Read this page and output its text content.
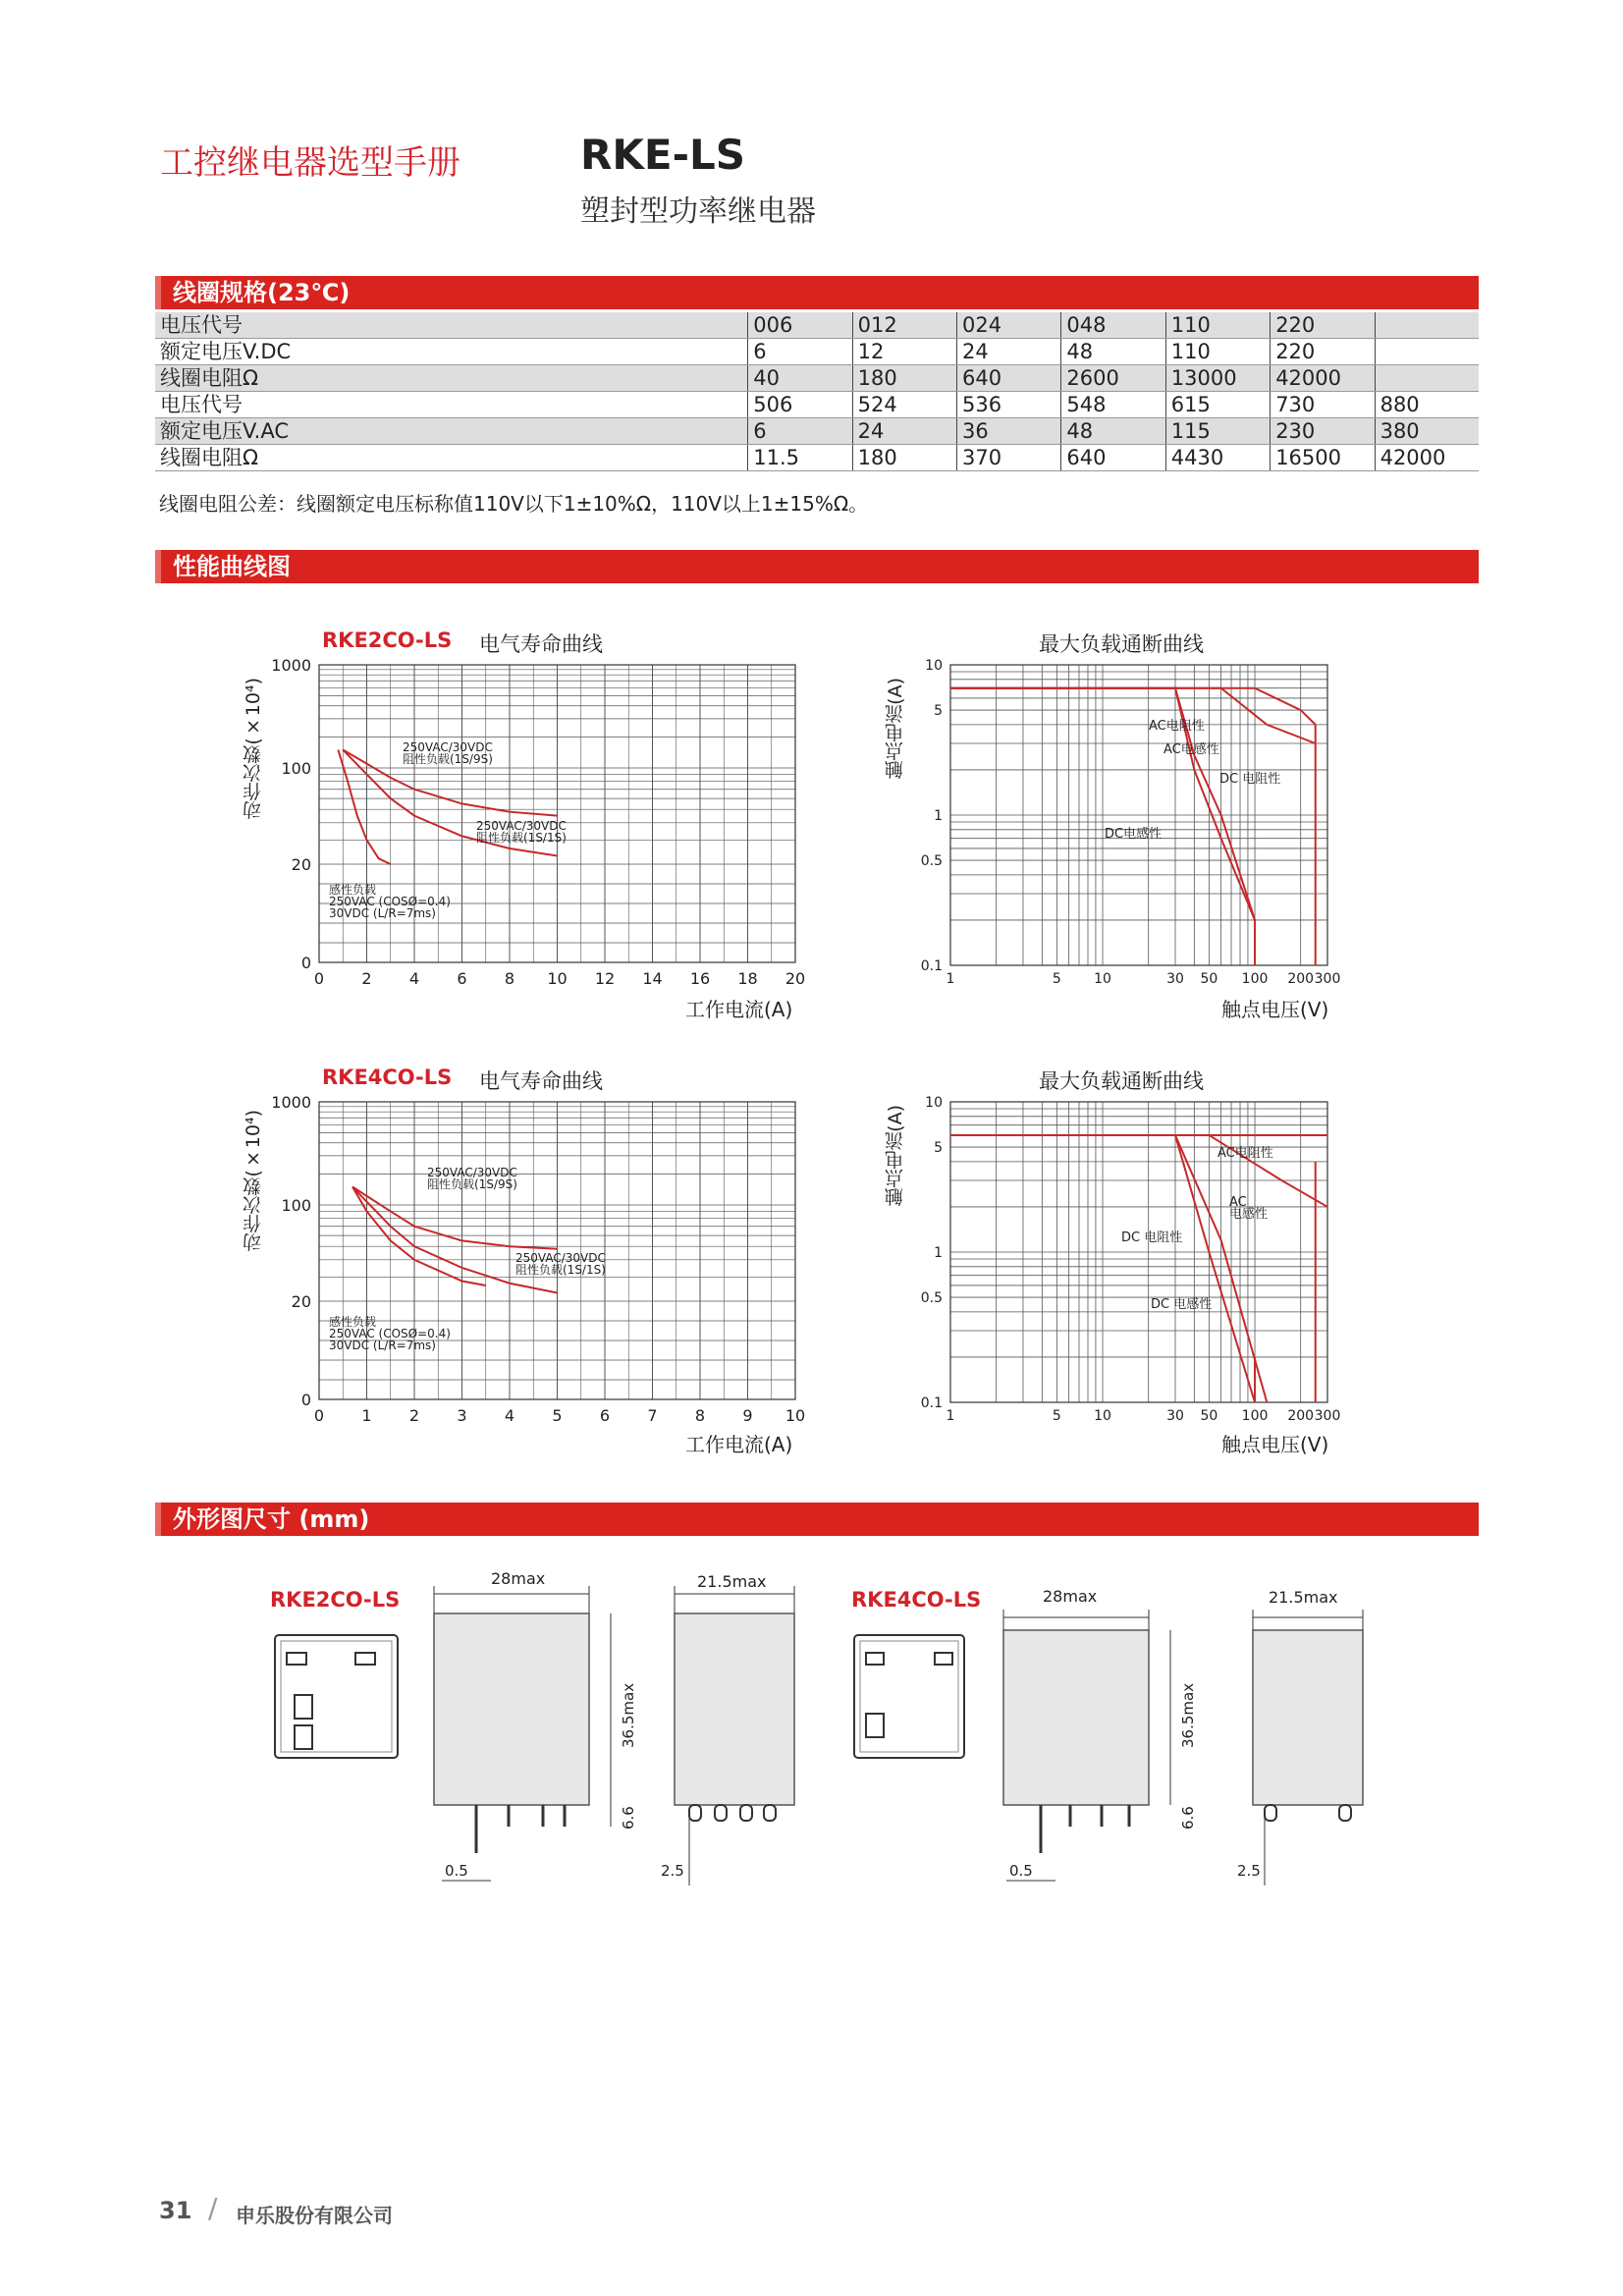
工控继电器选型手册	RKE-LS
塑封型功率继电器
线圈规格(23℃)
电压代号	006	012	024	048	110	220	
额定电压V.DC	6	12	24	48	110	220	
线圈电阻Ω	40	180	640	2600	13000	42000	
电压代号	506	524	536	548	615	730	880
额定电压V.AC	6	24	36	48	115	230	380
线圈电阻Ω	11.5	180	370	640	4430	16500	42000
线圈电阻公差：线圈额定电压标称值110V以下1±10%Ω，110V以上1±15%Ω。
性能曲线图
RKE2CO-LS 电气寿命曲线	最大负载通断曲线
RKE4CO-LS 电气寿命曲线	最大负载通断曲线
动作次数(×10⁴)	触点电流(A)
动作次数(×10⁴)	触点电流(A)
工作电流(A)	触点电压(V)
工作电流(A)	触点电压(V)
1000
100
20
0
0 2 4 6 8 10 12 14 16 18 20
250VAC/30VDC
阻性负载(1S/9S)
250VAC/30VDC
阻性负载(1S/1S)
感性负载
250VAC (COSØ=0.4)
30VDC (L/R=7ms)
10
5
1
0.5
0.1
1	5 10	30 50 100 200 300
AC电阻性
AC电感性
DC 电阻性
DC电感性
1000
100
20
0
0 1 2 3 4 5 6 7 8 9 10
250VAC/30VDC
阻性负载(1S/9S)
250VAC/30VDC
阻性负载(1S/1S)
感性负载
250VAC (COSØ=0.4)
30VDC (L/R=7ms)
10
5
1
0.5
0.1
1	5 10	30 50 100 200 300
AC电阻性
AC
电感性
DC 电阻性
DC 电感性
外形图尺寸 (mm)
RKE2CO-LS	RKE4CO-LS
28max
36.5max
6.6
0.5
21.5max
2.5
28max
36.5max
6.6
0.5
21.5max
2.5
31 / 申乐股份有限公司
